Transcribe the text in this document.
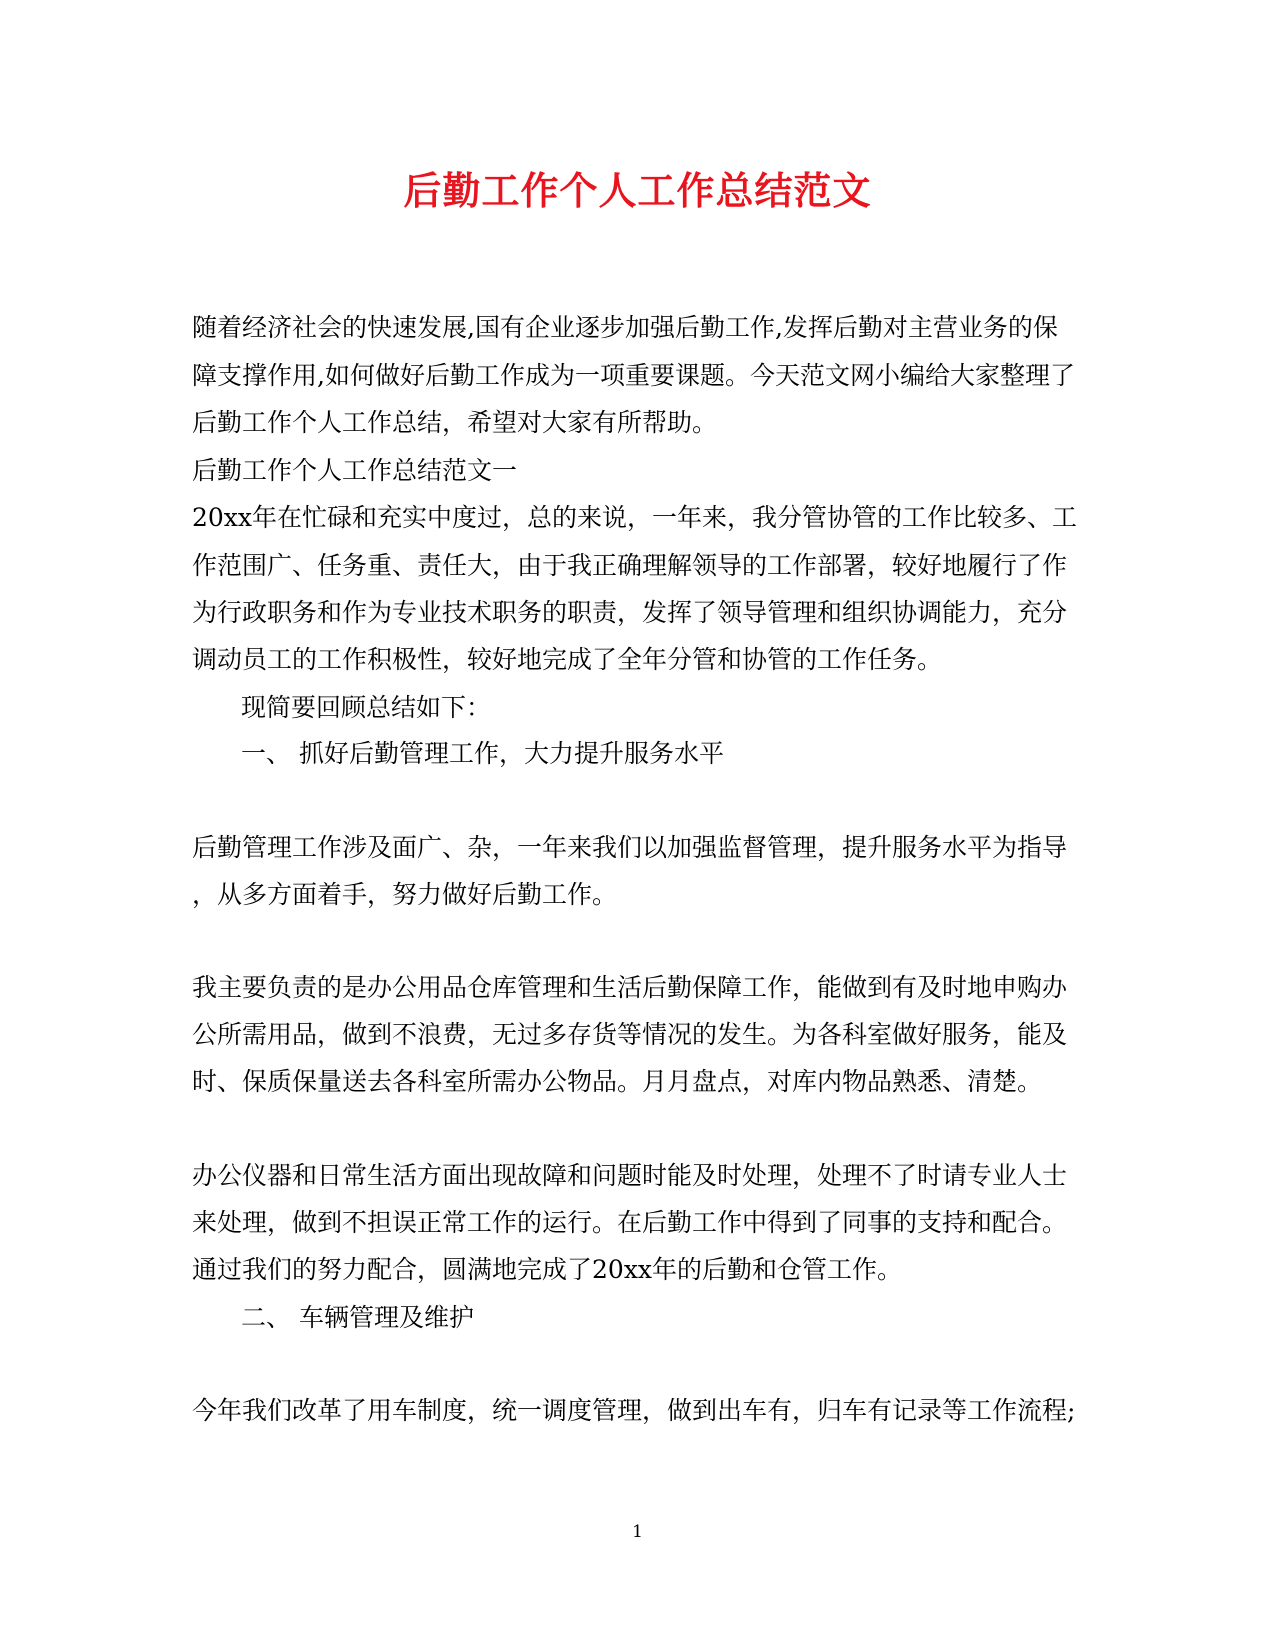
后勤工作个人工作总结范文
随着经济社会的快速发展,国有企业逐步加强后勤工作,发挥后勤对主营业务的保
障支撑作用,如何做好后勤工作成为一项重要课题。今天范文网小编给大家整理了
后勤工作个人工作总结，希望对大家有所帮助。
后勤工作个人工作总结范文一
20xx年在忙碌和充实中度过，总的来说，一年来，我分管协管的工作比较多、工
作范围广、任务重、责任大，由于我正确理解领导的工作部署，较好地履行了作
为行政职务和作为专业技术职务的职责，发挥了领导管理和组织协调能力，充分
调动员工的工作积极性，较好地完成了全年分管和协管的工作任务。
现简要回顾总结如下：
一、 抓好后勤管理工作，大力提升服务水平
后勤管理工作涉及面广、杂，一年来我们以加强监督管理，提升服务水平为指导
，从多方面着手，努力做好后勤工作。
我主要负责的是办公用品仓库管理和生活后勤保障工作，能做到有及时地申购办
公所需用品，做到不浪费，无过多存货等情况的发生。为各科室做好服务，能及
时、保质保量送去各科室所需办公物品。月月盘点，对库内物品熟悉、清楚。
办公仪器和日常生活方面出现故障和问题时能及时处理，处理不了时请专业人士
来处理，做到不担误正常工作的运行。在后勤工作中得到了同事的支持和配合。
通过我们的努力配合，圆满地完成了20xx年的后勤和仓管工作。
二、 车辆管理及维护
今年我们改革了用车制度，统一调度管理，做到出车有，归车有记录等工作流程;
1
